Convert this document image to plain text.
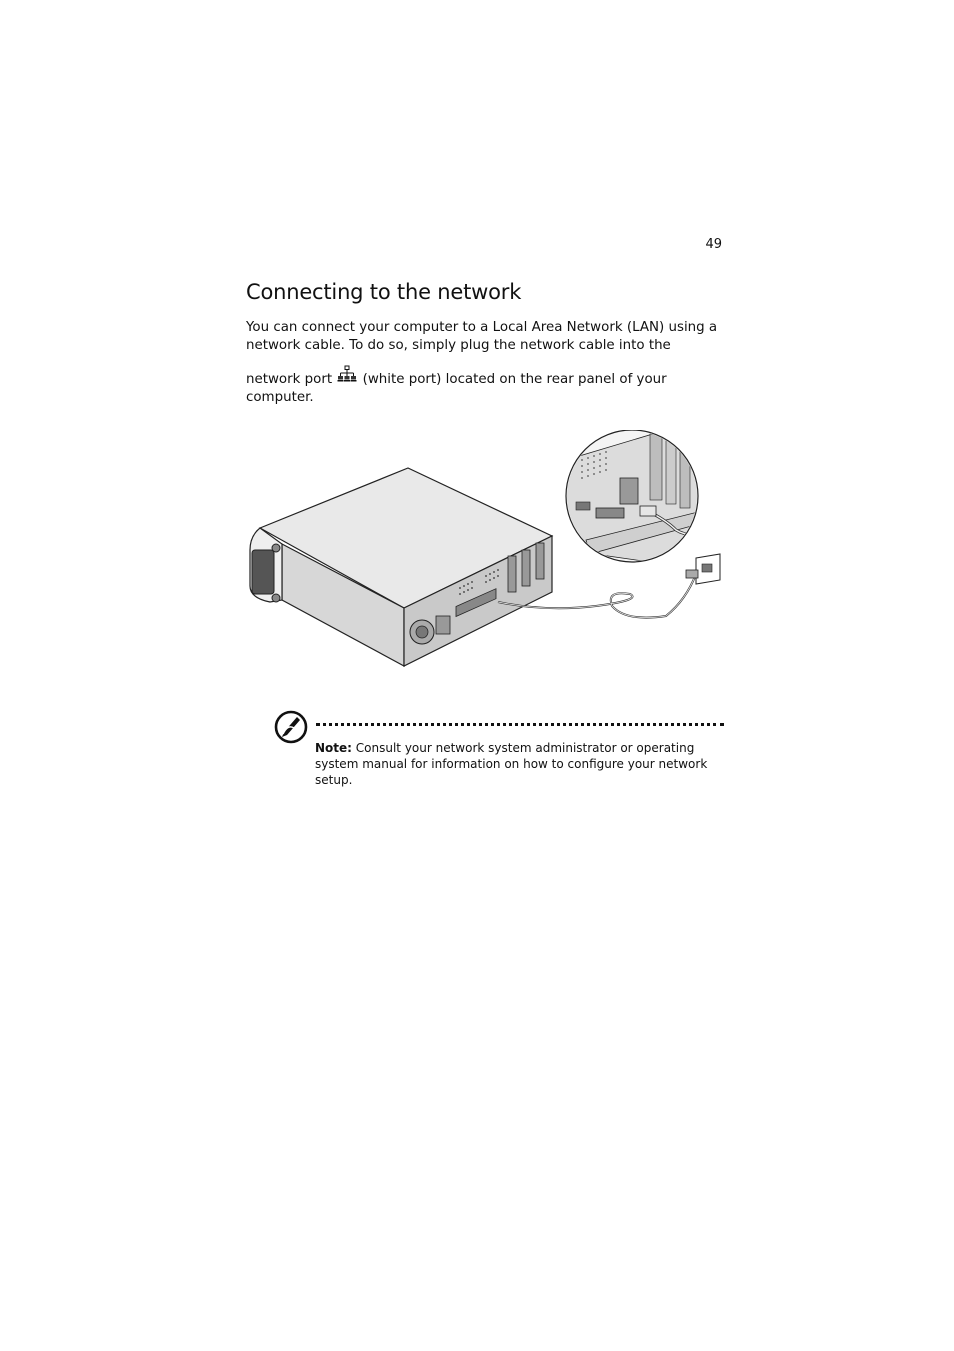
49
Connecting to the network
You can connect your computer to a Local Area Network (LAN) using a
network cable. To do so, simply plug the network cable into the
network port  (white port) located on the rear panel of your
computer.
Note: Consult your network system administrator or operating
system manual for information on how to configure your network
setup.
